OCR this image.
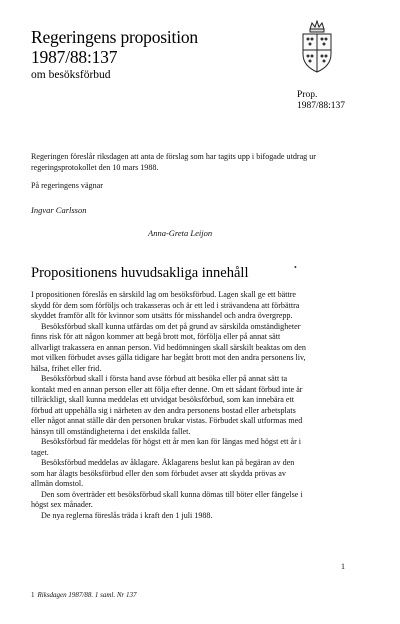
Regeringens proposition
1987/88:137
om besöksförbud
Prop.
1987/88:137
Regeringen föreslår riksdagen att anta de förslag som har tagits upp i bifogade utdrag ur regeringsprotokollet den 10 mars 1988.
På regeringens vägnar
Ingvar Carlsson
Anna-Greta Leijon
•
Propositionens huvudsakliga innehåll

I propositionen föreslås en särskild lag om besöksförbud. Lagen skall ge ett bättre skydd för dem som förföljs och trakasseras och är ett led i strävandena att förbättra skyddet framför allt för kvinnor som utsätts för misshandel och andra övergrepp.

Besöksförbud skall kunna utfärdas om det på grund av särskilda omständigheter finns risk för att någon kommer att begå brott mot, förfölja eller på annat sätt allvarligt trakassera en annan person. Vid bedömningen skall särskilt beaktas om den mot vilken förbudet avses gälla tidigare har begått brott mot den andra personens liv, hälsa, frihet eller frid.

Besöksförbud skall i första hand avse förbud att besöka eller på annat sätt ta kontakt med en annan person eller att följa efter denne. Om ett sådant förbud inte är tillräckligt, skall kunna meddelas ett utvidgat besöksförbud, som kan innebära ett förbud att uppehålla sig i närheten av den andra personens bostad eller arbetsplats eller något annat ställe där den personen brukar vistas. Förbudet skall utformas med hänsyn till omständigheterna i det enskilda fallet.

Besöksförbud får meddelas för högst ett år men kan för längas med högst ett år i taget.

Besöksförbud meddelas av åklagare. Åklagarens beslut kan på begäran av den som har ålagts besöksförbud eller den som förbudet avser att skydda prövas av allmän domstol.

Den som överträder ett besöksförbud skall kunna dömas till böter eller fängelse i högst sex månader.

De nya reglerna föreslås träda i kraft den 1 juli 1988.

1
1 Riksdagen 1987/88. 1 saml. Nr 137
